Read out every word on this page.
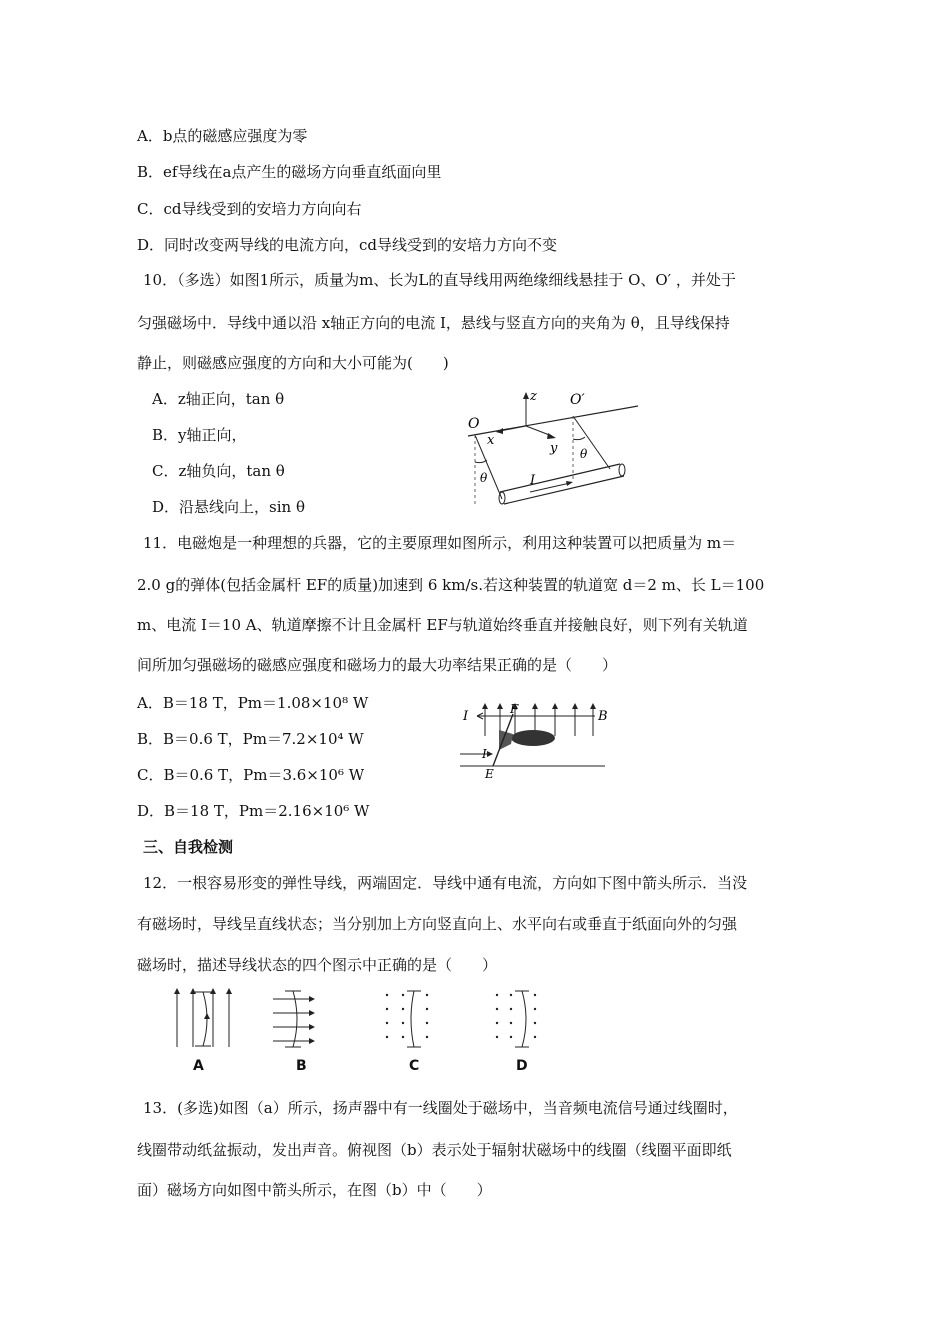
A．b点的磁感应强度为零
B．ef导线在a点产生的磁场方向垂直纸面向里
C．cd导线受到的安培力方向向右
D．同时改变两导线的电流方向，cd导线受到的安培力方向不变
10．（多选）如图1所示，质量为m、长为L的直导线用两绝缘细线悬挂于 O、O′ ，并处于
匀强磁场中．导线中通以沿 x轴正方向的电流 I，悬线与竖直方向的夹角为 θ，且导线保持
静止，则磁感应强度的方向和大小可能为(　　)
A．z轴正向，tan θ
B．y轴正向，
C．z轴负向，tan θ
D．沿悬线向上，sin θ
z
O
O′
x
y
θ
θ
I
11．电磁炮是一种理想的兵器，它的主要原理如图所示，利用这种装置可以把质量为 m＝
2.0 g的弹体(包括金属杆 EF的质量)加速到 6 km/s.若这种装置的轨道宽 d＝2 m、长 L＝100
m、电流 I＝10 A、轨道摩擦不计且金属杆 EF与轨道始终垂直并接触良好，则下列有关轨道
间所加匀强磁场的磁感应强度和磁场力的最大功率结果正确的是（　　）
A．B＝18 T，Pm＝1.08×10⁸ W
B．B＝0.6 T，Pm＝7.2×10⁴ W
C．B＝0.6 T，Pm＝3.6×10⁶ W
D．B＝18 T，Pm＝2.16×10⁶ W
I	F	B
I
E
三、自我检测
12．一根容易形变的弹性导线，两端固定．导线中通有电流，方向如下图中箭头所示．当没
有磁场时，导线呈直线状态；当分别加上方向竖直向上、水平向右或垂直于纸面向外的匀强
磁场时，描述导线状态的四个图示中正确的是（　　）
A	B	C	D
13．(多选)如图（a）所示，扬声器中有一线圈处于磁场中，当音频电流信号通过线圈时，
线圈带动纸盆振动，发出声音。俯视图（b）表示处于辐射状磁场中的线圈（线圈平面即纸
面）磁场方向如图中箭头所示，在图（b）中（　　）
